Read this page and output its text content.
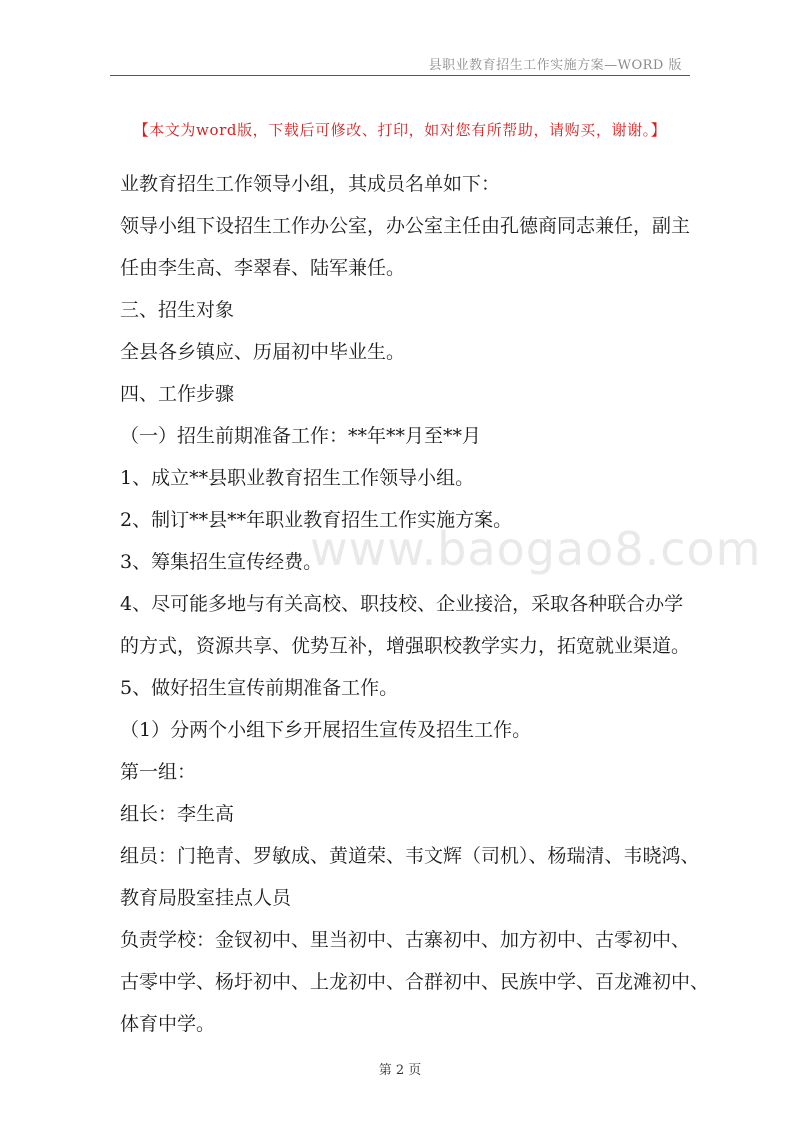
县职业教育招生工作实施方案—WORD 版
【本文为word版，下载后可修改、打印，如对您有所帮助，请购买，谢谢。】
www.baogao8.com

业教育招生工作领导小组，其成员名单如下：

领导小组下设招生工作办公室，办公室主任由孔德商同志兼任，副主

任由李生高、李翠春、陆军兼任。

三、招生对象

全县各乡镇应、历届初中毕业生。

四、工作步骤

（一）招生前期准备工作：**年**月至**月

1、成立**县职业教育招生工作领导小组。

2、制订**县**年职业教育招生工作实施方案。

3、筹集招生宣传经费。

4、尽可能多地与有关高校、职技校、企业接洽，采取各种联合办学

的方式，资源共享、优势互补，增强职校教学实力，拓宽就业渠道。

5、做好招生宣传前期准备工作。

（1）分两个小组下乡开展招生宣传及招生工作。

第一组：

组长：李生高

组员：门艳青、罗敏成、黄道荣、韦文辉（司机）、杨瑞清、韦晓鸿、

教育局股室挂点人员

负责学校：金钗初中、里当初中、古寨初中、加方初中、古零初中、

古零中学、杨圩初中、上龙初中、合群初中、民族中学、百龙滩初中、

体育中学。

第 2 页
